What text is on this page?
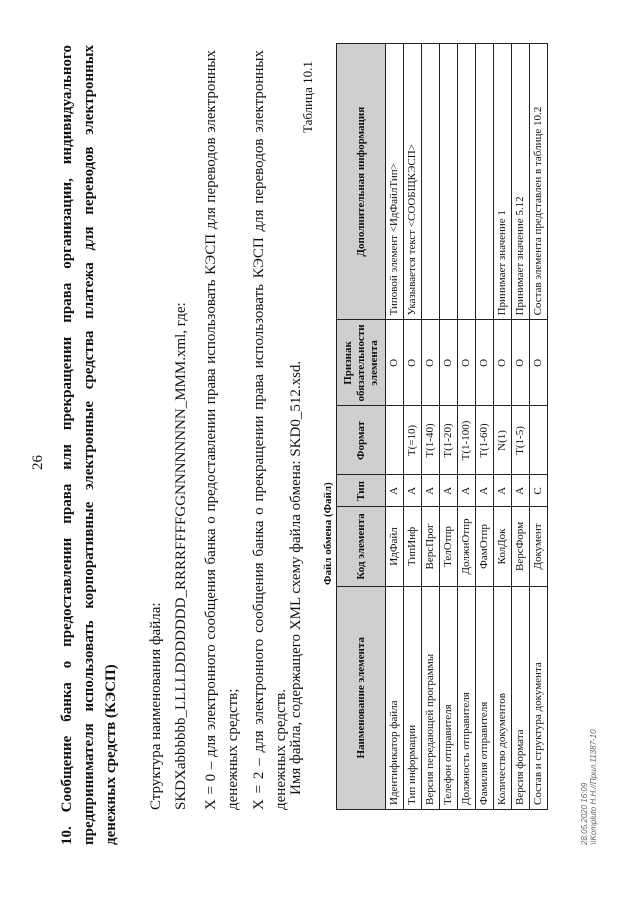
26 10. Сообщение банка о предоставлении права или прекращении права организации, индивидуального предпринимателя использовать корпоративные электронные средства платежа для переводов электронных денежных средств (КЭСП) Структура наименования файла: SKDXabbbbbb_LLLLDDDDDDD_RRRRFFFFGGNNNNNNNN_MMM.xml, где: X = 0 – для электронного сообщения банка о предоставлении права использовать КЭСП для переводов электронных денежных средств; X = 2 – для электронного сообщения банка о прекращении права использовать КЭСП для переводов электронных денежных средств. Имя файла, содержащего XML схему файла обмена: SKD0_512.xsd.
Таблица 10.1
Файл обмена (Файл)
Наименование элемента	Код элемента	Тип	Формат	Признак обязательности элемента	Дополнительная информация
Идентификатор файла	ИдФайл	А		О	Типовой элемент <ИдФайлТип>
Тип информации	ТипИнф	А	T(=10)	О	Указывается текст <СООБЩКЭСП>
Версия передающей программы	ВерсПрог	А	T(1-40)	О	
Телефон отправителя	ТелОтпр	А	T(1-20)	О	
Должность отправителя	ДолжнОтпр	А	T(1-100)	О	
Фамилия отправителя	ФамОтпр	А	T(1-60)	О	
Количество документов	КолДок	А	N(1)	О	Принимает значение 1
Версия формата	ВерсФорм	А	T(1-5)	О	Принимает значение 5.12
Состав и структура документа	Документ	С		О	Состав элемента представлен в таблице 10.2
28.05.2020 16:09 \\Kompluto H.H.//Прил.11387-10
